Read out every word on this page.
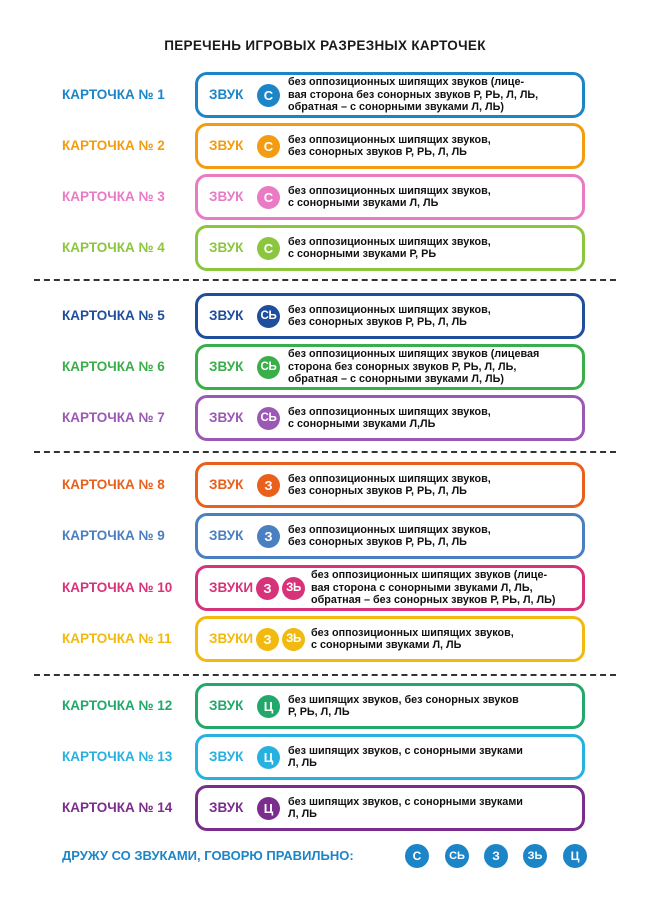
ПЕРЕЧЕНЬ ИГРОВЫХ РАЗРЕЗНЫХ КАРТОЧЕК
КАРТОЧКА № 1	ЗВУК	С
без оппозиционных шипящих звуков (лице-
вая сторона без сонорных звуков Р, РЬ, Л, ЛЬ,
обратная – с сонорными звуками Л, ЛЬ)
КАРТОЧКА № 2	ЗВУК	С	без оппозиционных шипящих звуков,
без сонорных звуков Р, РЬ, Л, ЛЬ
КАРТОЧКА № 3	ЗВУК	С	без оппозиционных шипящих звуков,
с сонорными звуками Л, ЛЬ
КАРТОЧКА № 4	ЗВУК	С	без оппозиционных шипящих звуков,
с сонорными звуками Р, РЬ
КАРТОЧКА № 5	ЗВУК	СЬ
без оппозиционных шипящих звуков,
без сонорных звуков Р, РЬ, Л, ЛЬ
КАРТОЧКА № 6	ЗВУК	СЬ
без оппозиционных шипящих звуков (лицевая
сторона без сонорных звуков Р, РЬ, Л, ЛЬ,
обратная – с сонорными звуками Л, ЛЬ)
КАРТОЧКА № 7	ЗВУК	СЬ
без оппозиционных шипящих звуков,
с сонорными звуками Л,ЛЬ
КАРТОЧКА № 8	ЗВУК	З	без оппозиционных шипящих звуков,
без сонорных звуков Р, РЬ, Л, ЛЬ
КАРТОЧКА № 9	ЗВУК	З	без оппозиционных шипящих звуков,
без сонорных звуков Р, РЬ, Л, ЛЬ
КАРТОЧКА № 10	ЗВУКИ З	ЗЬ
без оппозиционных шипящих звуков (лице-
вая сторона с сонорными звуками Л, ЛЬ,
обратная – без сонорных звуков Р, РЬ, Л, ЛЬ)
КАРТОЧКА № 11	ЗВУКИ З	ЗЬ
без оппозиционных шипящих звуков,
с сонорными звуками Л, ЛЬ
КАРТОЧКА № 12	ЗВУК	Ц	без шипящих звуков, без сонорных звуков
Р, РЬ, Л, ЛЬ
КАРТОЧКА № 13	ЗВУК	Ц	без шипящих звуков, с сонорными звуками
Л, ЛЬ
КАРТОЧКА № 14	ЗВУК	Ц	без шипящих звуков, с сонорными звуками
Л, ЛЬ
ДРУЖУ СО ЗВУКАМИ, ГОВОРЮ ПРАВИЛЬНО:	С	СЬ	З	ЗЬ	Ц
